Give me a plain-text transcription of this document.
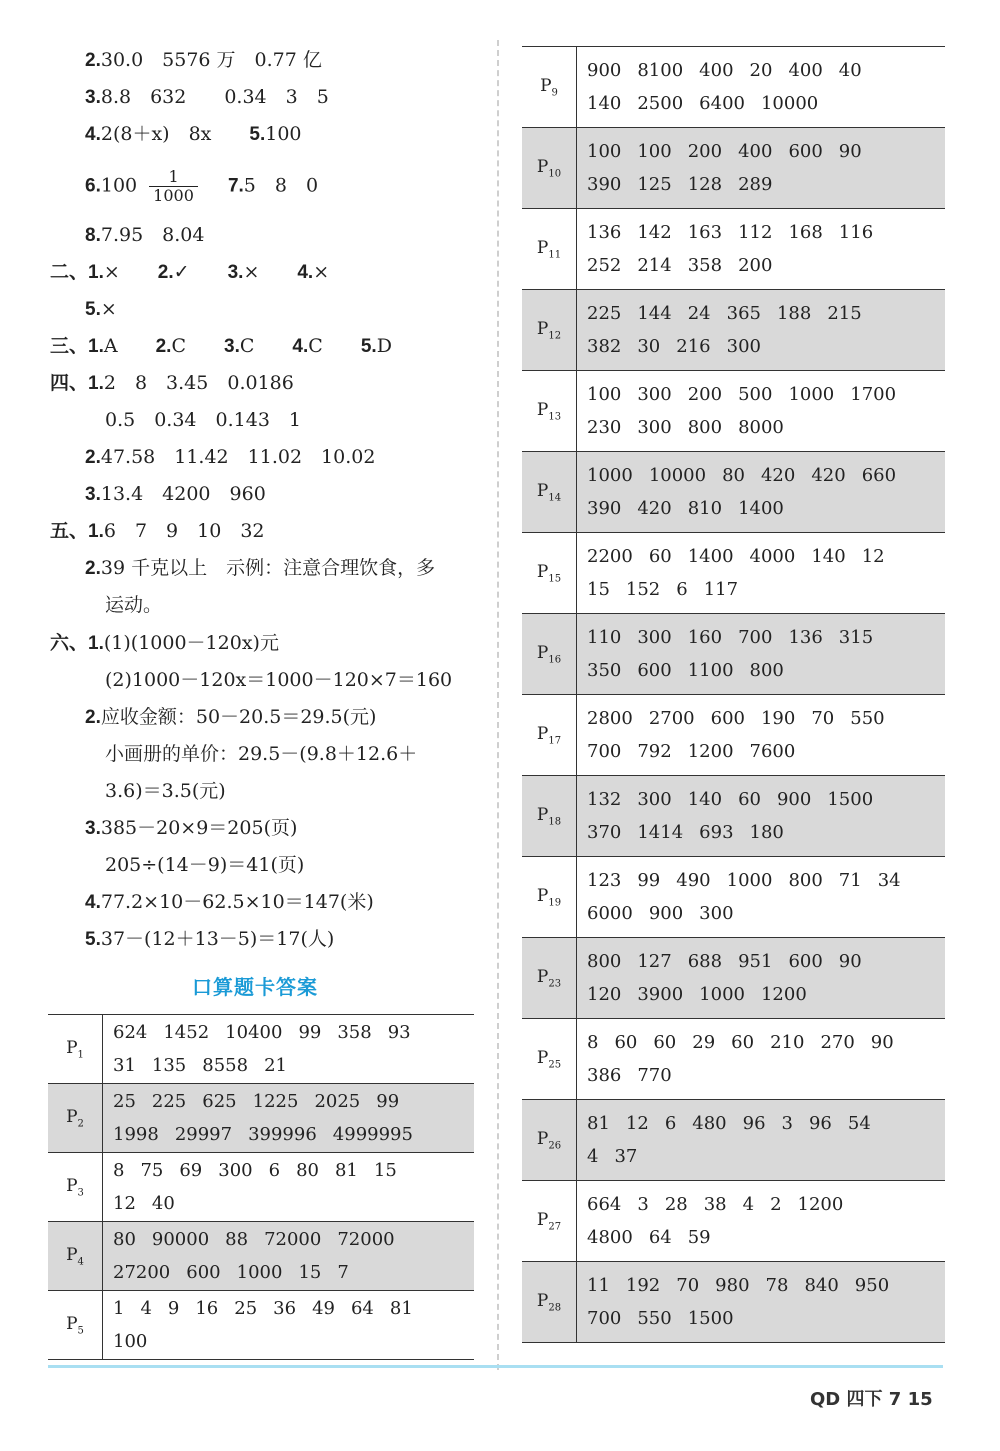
2.30.0　5576 万　0.77 亿
3.8.8　632　　0.34　3　5
4.2(8＋x)　8x　　5.100
8.7.95　8.04
二、1.×　　2.✓　　3.×　　4.×
5.×
三、1.A　　2.C　　3.C　　4.C　　5.D
四、1.2　8　3.45　0.0186
0.5　0.34　0.143　1
2.47.58　11.42　11.02　10.02
3.13.4　4200　960
五、1.6　7　9　10　32
2.39 千克以上　示例：注意合理饮食，多
运动。
六、1.(1)(1000－120x)元
(2)1000－120x＝1000－120×7＝160
2.应收金额：50－20.5＝29.5(元)
小画册的单价：29.5－(9.8＋12.6＋
3.6)＝3.5(元)
3.385－20×9＝205(页)
205÷(14－9)＝41(页)
4.77.2×10－62.5×10＝147(米)
5.37－(12＋13－5)＝17(人)
$6.100 \frac{1}{1000} 7.5$　8　0
口算题卡答案
$P_1$	624 1452 10400 99 358 93
31 135 8558 21

$P_2$	25 225 625 1225 2025 99
1998 29997 399996 4999995

$P_3$	8 75 69 300 6 80 81 15
12 40

$P_4$	80 90000 88 72000 72000
27200 600 1000 15 7

$P_5$	1 4 9 16 25 36 49 64 81
100
$P_9$	900 8100 400 20 400 40
140 2500 6400 10000

$P_{10}$	100 100 200 400 600 90
390 125 128 289

$P_{11}$	136 142 163 112 168 116
252 214 358 200

$P_{12}$	225 144 24 365 188 215
382 30 216 300

$P_{13}$	100 300 200 500 1000 1700
230 300 800 8000

$P_{14}$	1000 10000 80 420 420 660
390 420 810 1400

$P_{15}$	2200 60 1400 4000 140 12
15 152 6 117

$P_{16}$	110 300 160 700 136 315
350 600 1100 800

$P_{17}$	2800 2700 600 190 70 550
700 792 1200 7600

$P_{18}$	132 300 140 60 900 1500
370 1414 693 180

$P_{19}$	123 99 490 1000 800 71 34
6000 900 300

$P_{23}$	800 127 688 951 600 90
120 3900 1000 1200

$P_{25}$	8 60 60 29 60 210 270 90
386 770

$P_{26}$	81 12 6 480 96 3 96 54
4 37

$P_{27}$	664 3 28 38 4 2 1200
4800 64 59

$P_{28}$	11 192 70 980 78 840 950
700 550 1500
QD 四下 7 15
